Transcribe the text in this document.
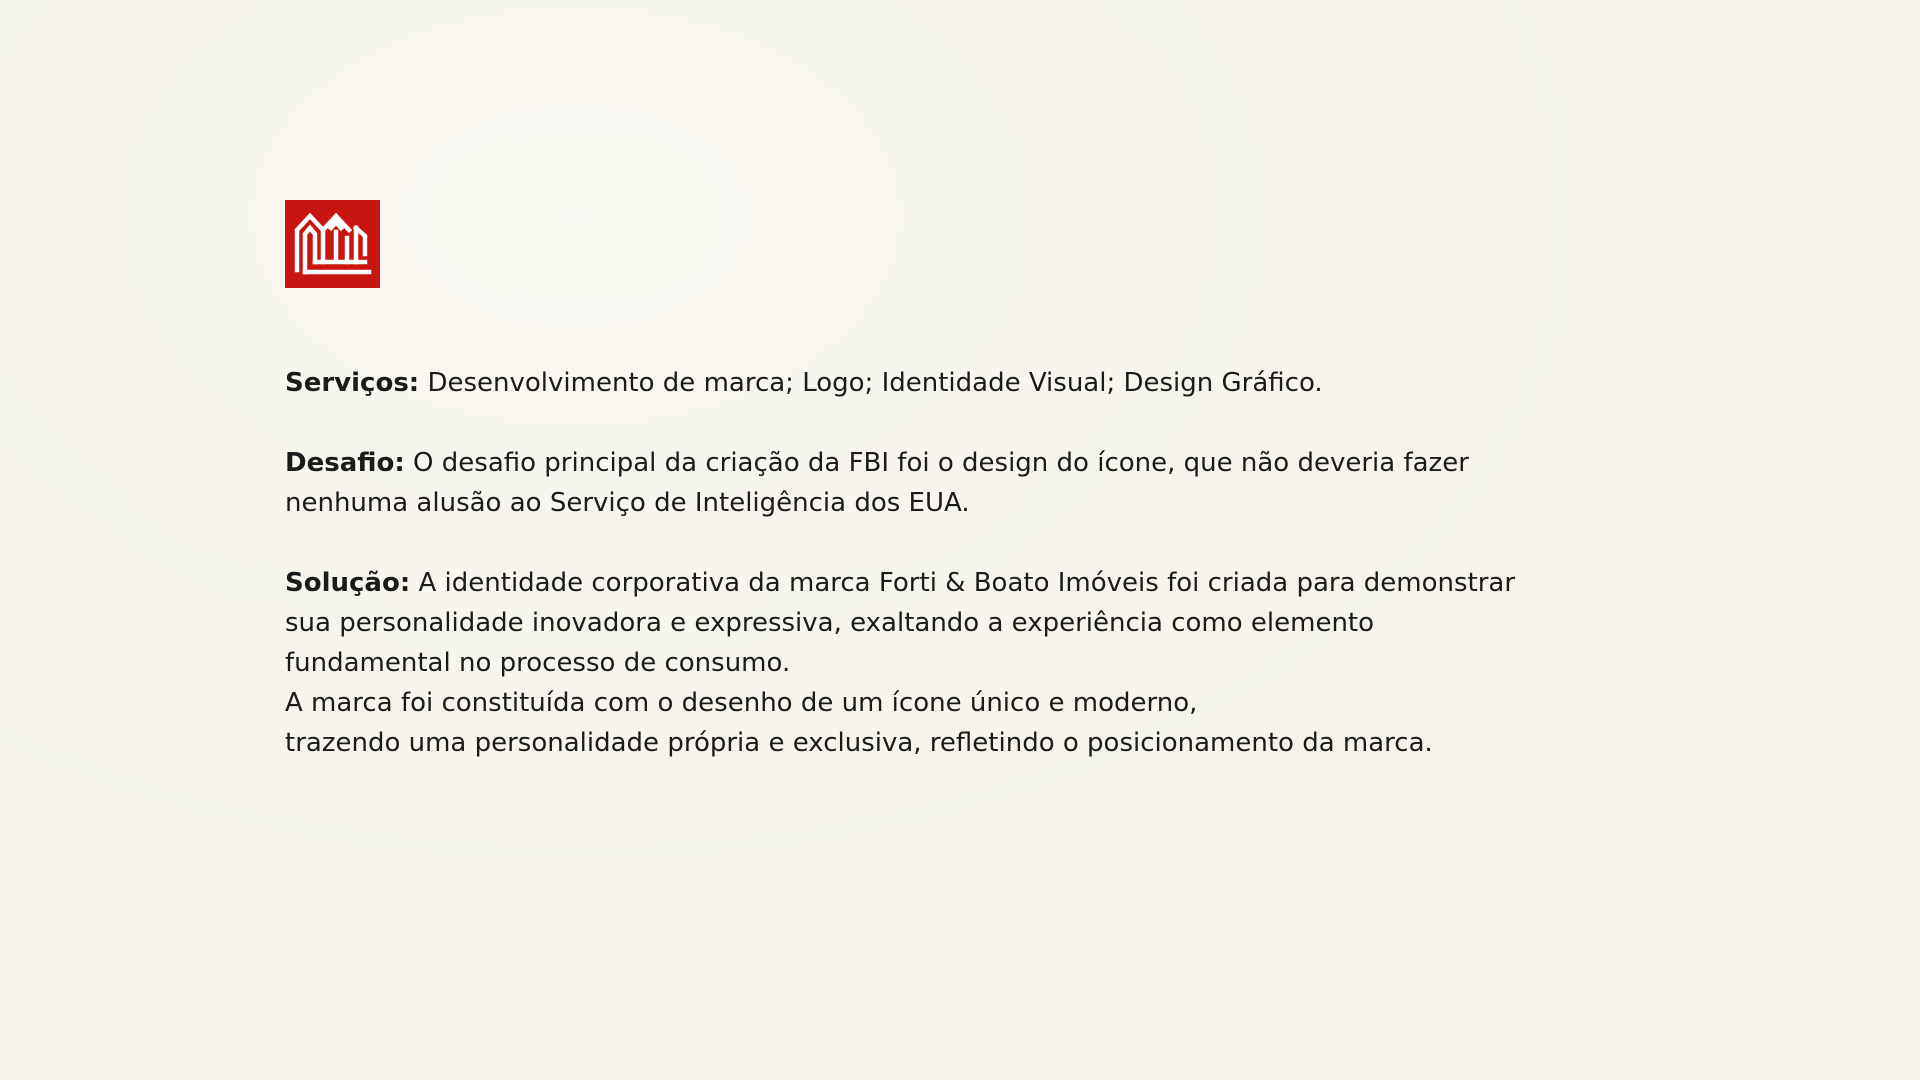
Serviços: Desenvolvimento de marca; Logo; Identidade Visual; Design Gráfico.

Desafio: O desafio principal da criação da FBI foi o design do ícone, que não deveria fazer
nenhuma alusão ao Serviço de Inteligência dos EUA.

Solução: A identidade corporativa da marca Forti & Boato Imóveis foi criada para demonstrar
sua personalidade inovadora e expressiva, exaltando a experiência como elemento
fundamental no processo de consumo.
A marca foi constituída com o desenho de um ícone único e moderno,
trazendo uma personalidade própria e exclusiva, refletindo o posicionamento da marca.
